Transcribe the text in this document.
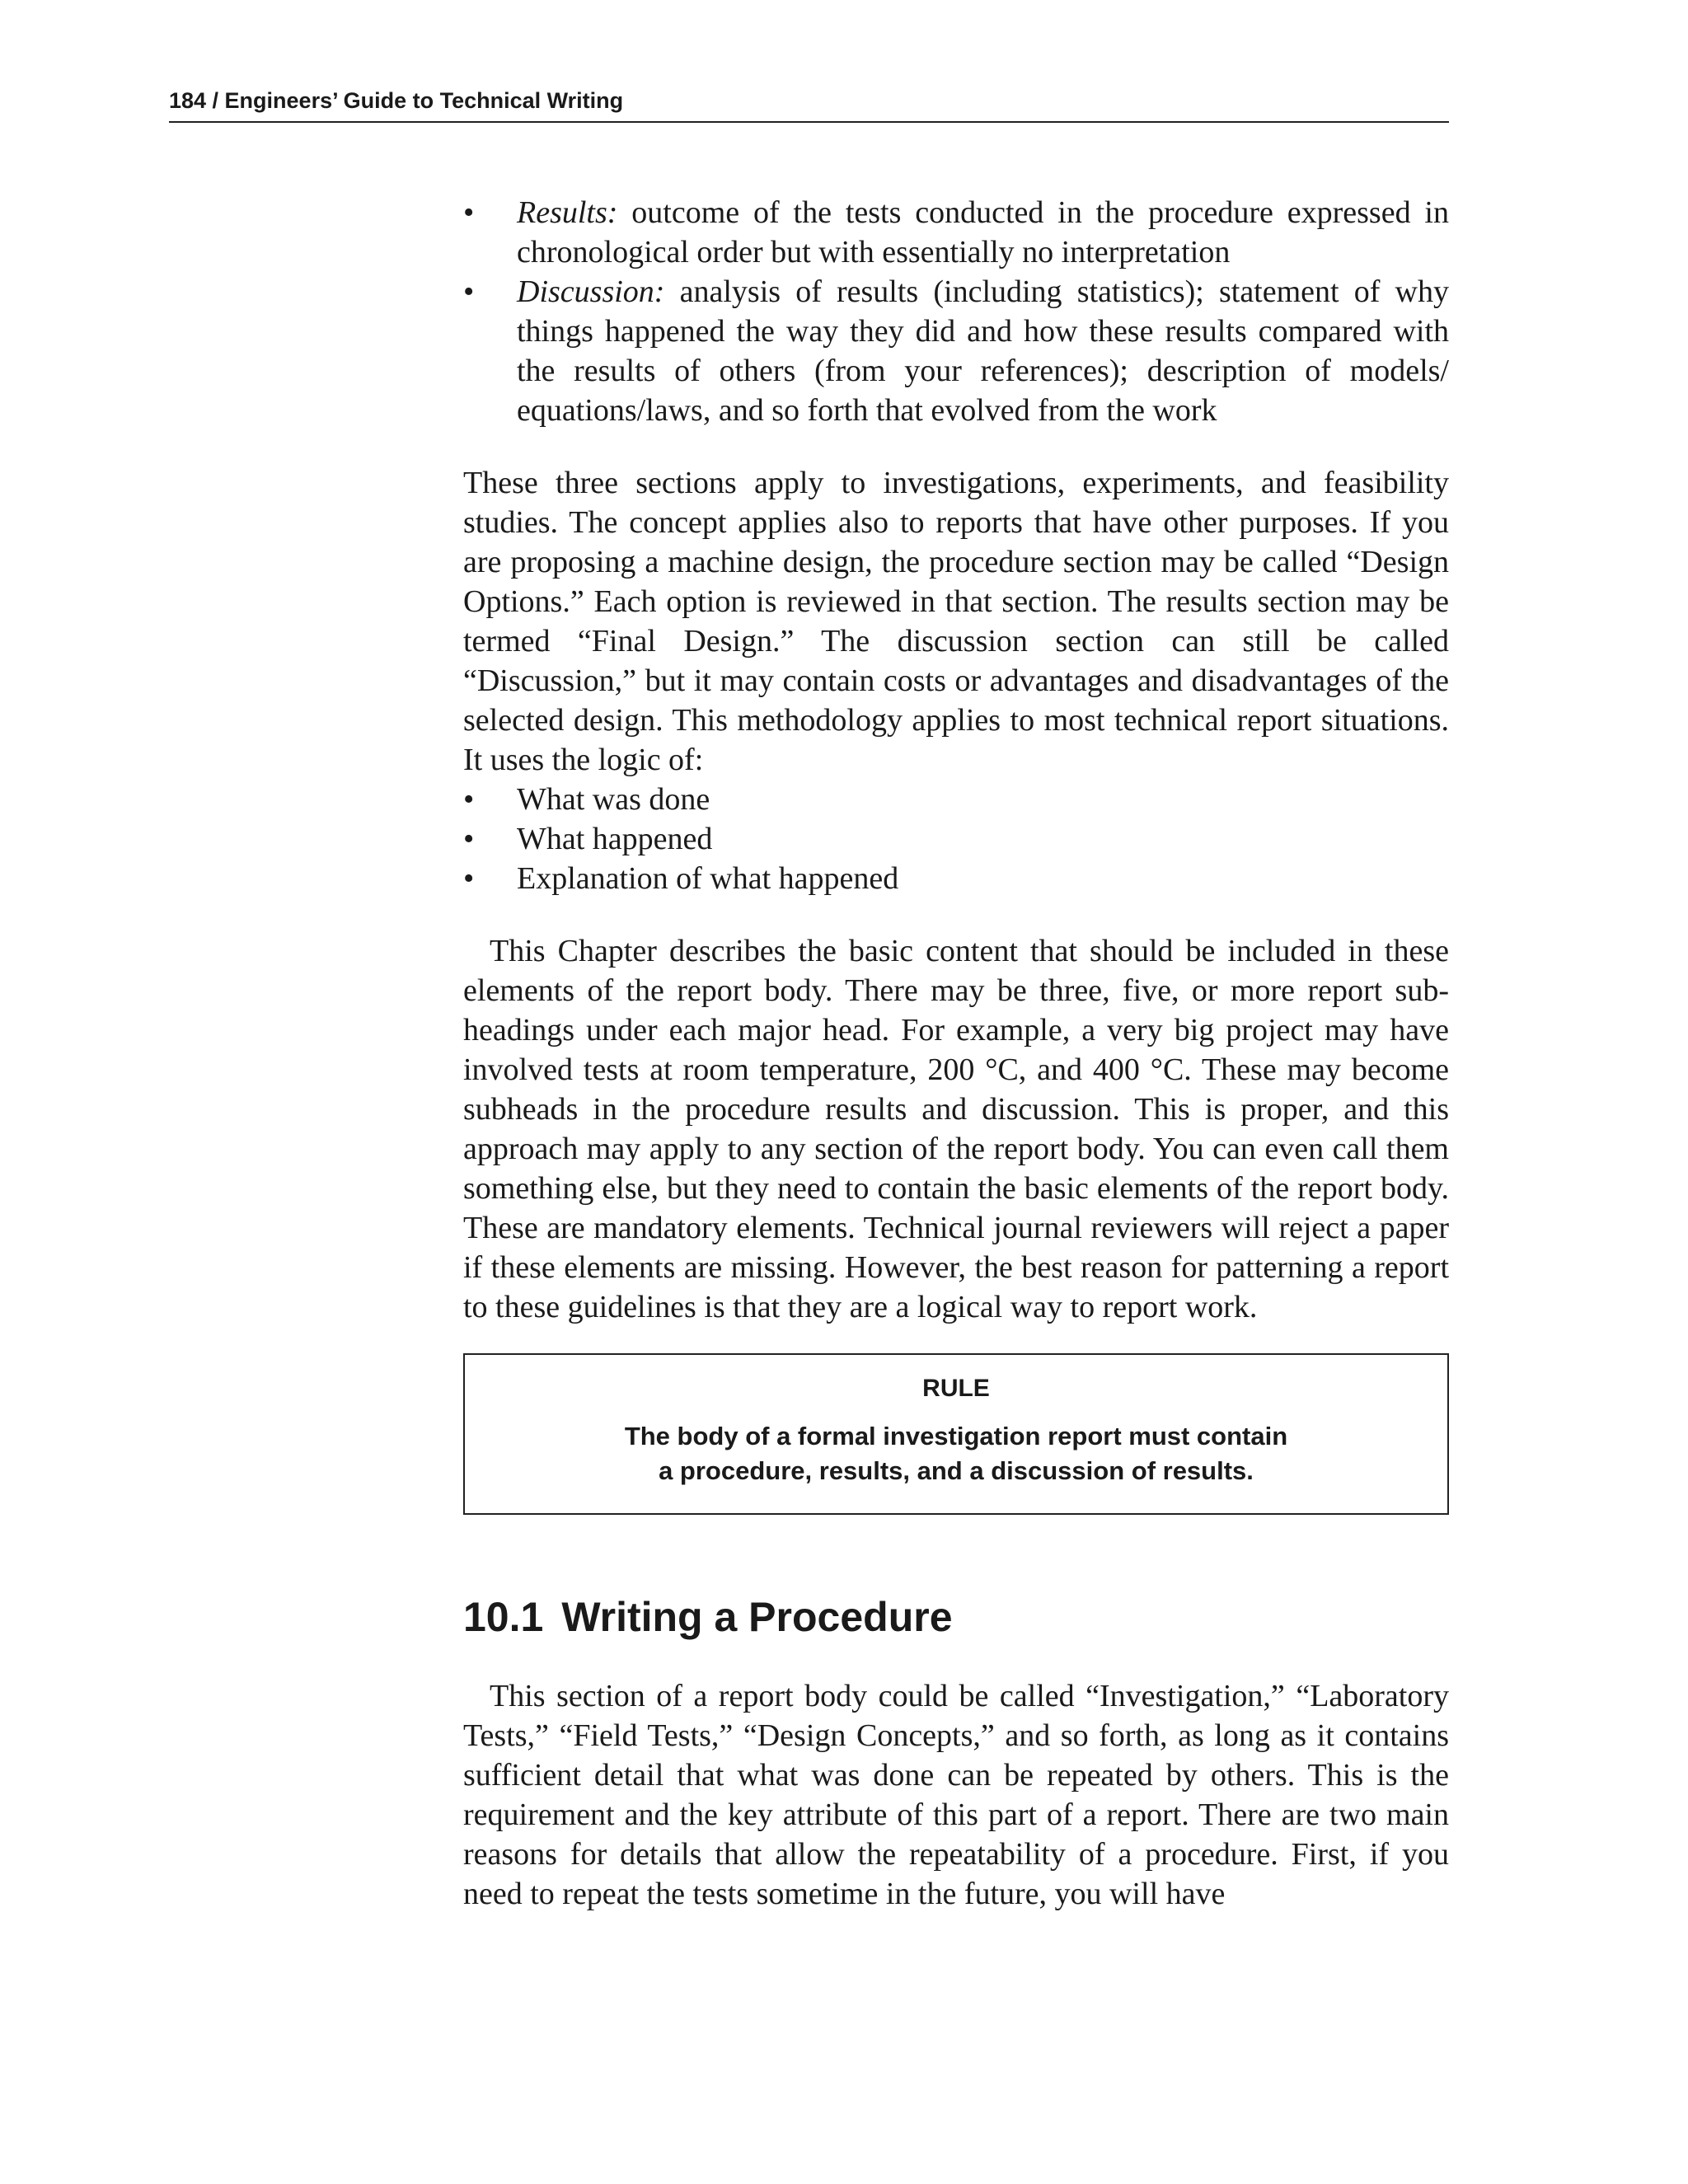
184 / Engineers’ Guide to Technical Writing
• Results: outcome of the tests conducted in the procedure expressed in chronological order but with essentially no interpretation
• Discussion: analysis of results (including statistics); statement of why things happened the way they did and how these results compared with the results of others (from your references); description of models/ equations/laws, and so forth that evolved from the work

These three sections apply to investigations, experiments, and feasibility studies. The concept applies also to reports that have other purposes. If you are proposing a machine design, the procedure section may be called “Design Options.” Each option is reviewed in that section. The results section may be termed “Final Design.” The discussion section can still be called “Discussion,” but it may contain costs or advantages and disadvantages of the selected design. This methodology applies to most technical report situations. It uses the logic of:

• What was done
• What happened
• Explanation of what happened

This Chapter describes the basic content that should be included in these elements of the report body. There may be three, five, or more report subheadings under each major head. For example, a very big project may have involved tests at room temperature, 200 °C, and 400 °C. These may become subheads in the procedure results and discussion. This is proper, and this approach may apply to any section of the report body. You can even call them something else, but they need to contain the basic elements of the report body. These are mandatory elements. Technical journal reviewers will reject a paper if these elements are missing. However, the best reason for patterning a report to these guidelines is that they are a logical way to report work.

RULE
The body of a formal investigation report must contain
a procedure, results, and a discussion of results.
10.1 Writing a Procedure

This section of a report body could be called “Investigation,” “Laboratory Tests,” “Field Tests,” “Design Concepts,” and so forth, as long as it contains sufficient detail that what was done can be repeated by others. This is the requirement and the key attribute of this part of a report. There are two main reasons for details that allow the repeatability of a procedure. First, if you need to repeat the tests sometime in the future, you will have
